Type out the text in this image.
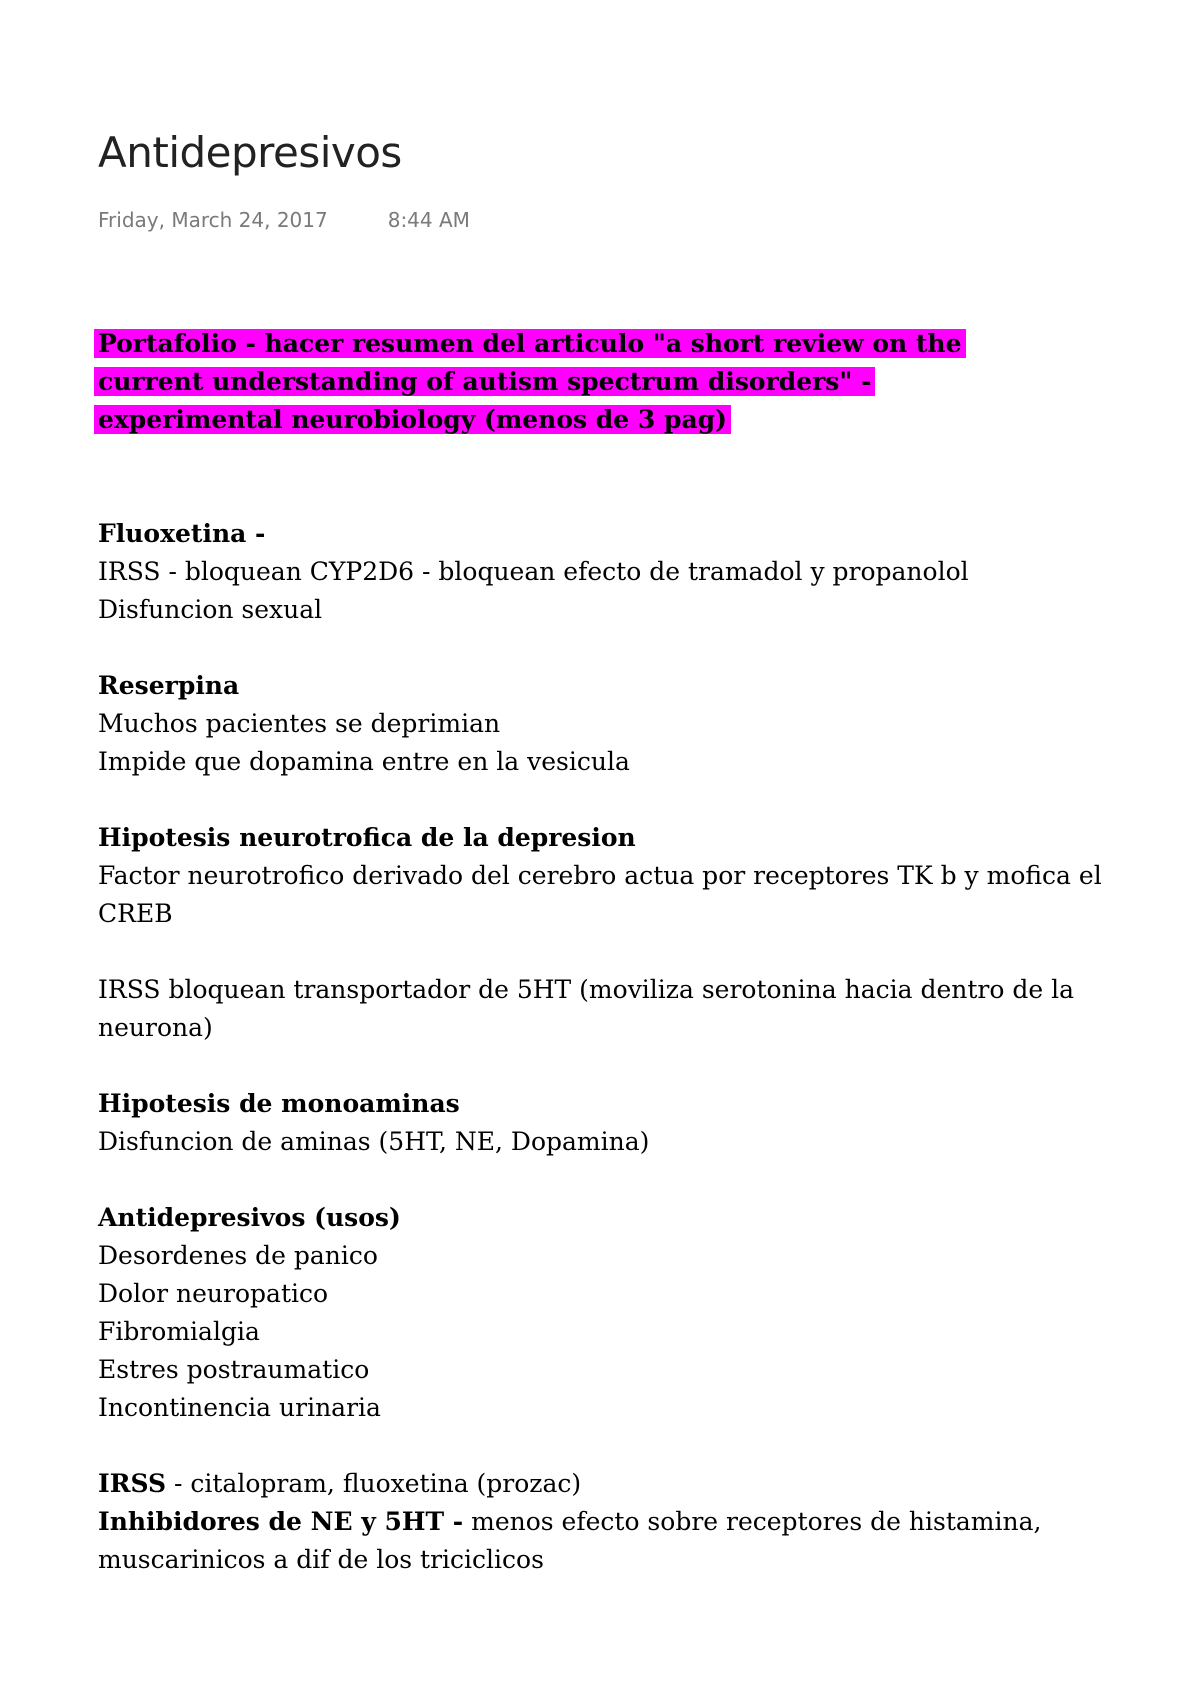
Antidepresivos
Friday, March 24, 2017	8:44 AM
Portafolio - hacer resumen del articulo "a short review on the current understanding of autism spectrum disorders" - experimental neurobiology (menos de 3 pag)
Fluoxetina -
IRSS - bloquean CYP2D6 - bloquean efecto de tramadol y propanolol
Disfuncion sexual
Reserpina
Muchos pacientes se deprimian
Impide que dopamina entre en la vesicula
Hipotesis neurotrofica de la depresion
Factor neurotrofico derivado del cerebro actua por receptores TK b y mofica el CREB
IRSS bloquean transportador de 5HT (moviliza serotonina hacia dentro de la neurona)
Hipotesis de monoaminas
Disfuncion de aminas (5HT, NE, Dopamina)
Antidepresivos (usos)
Desordenes de panico
Dolor neuropatico
Fibromialgia
Estres postraumatico
Incontinencia urinaria
IRSS - citalopram, fluoxetina (prozac)
Inhibidores de NE y 5HT - menos efecto sobre receptores de histamina, muscarinicos a dif de los triciclicos
